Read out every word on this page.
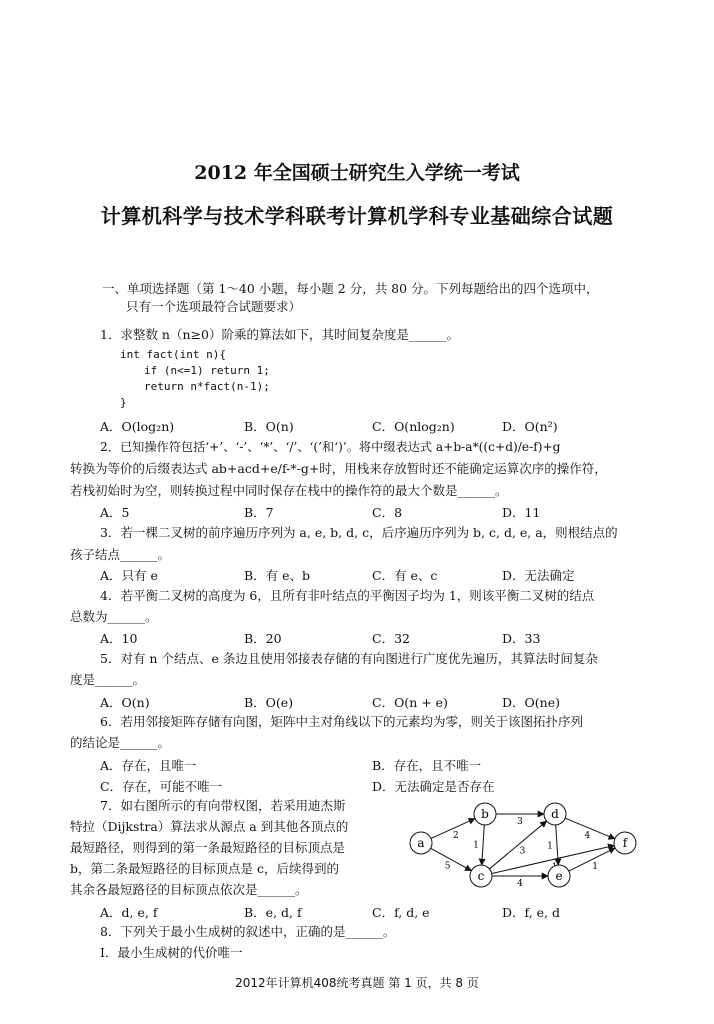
2012 年全国硕士研究生入学统一考试
计算机科学与技术学科联考计算机学科专业基础综合试题
一、单项选择题（第 1～40 小题，每小题 2 分，共 80 分。下列每题给出的四个选项中，
只有一个选项最符合试题要求）
1．求整数 n（n≥0）阶乘的算法如下，其时间复杂度是______。
int fact(int n){
if (n<=1) return 1;
return n*fact(n-1);
}
A．O(log₂n)	B．O(n)	C．O(nlog₂n)	D．O(n²)
2．已知操作符包括‘+’、‘-’、‘*’、‘/’、‘(’和‘)’。将中缀表达式 a+b-a*((c+d)/e-f)+g
转换为等价的后缀表达式 ab+acd+e/f-*-g+时，用栈来存放暂时还不能确定运算次序的操作符，
若栈初始时为空，则转换过程中同时保存在栈中的操作符的最大个数是______。
A．5	B．7	C．8	D．11
3．若一棵二叉树的前序遍历序列为 a, e, b, d, c，后序遍历序列为 b, c, d, e, a，则根结点的
孩子结点______。
A．只有 e	B．有 e、b	C．有 e、c	D．无法确定
4．若平衡二叉树的高度为 6，且所有非叶结点的平衡因子均为 1，则该平衡二叉树的结点
总数为______。
A．10	B．20	C．32	D．33
5．对有 n 个结点、e 条边且使用邻接表存储的有向图进行广度优先遍历，其算法时间复杂
度是______。
A．O(n)	B．O(e)	C．O(n + e)	D．O(ne)
6．若用邻接矩阵存储有向图，矩阵中主对角线以下的元素均为零，则关于该图拓扑序列
的结论是______。
A．存在，且唯一	B．存在，且不唯一
C．存在，可能不唯一	D．无法确定是否存在
7．如右图所示的有向带权图，若采用迪杰斯
特拉（Dijkstra）算法求从源点 a 到其他各顶点的
最短路径，则得到的第一条最短路径的目标顶点是
b，第二条最短路径的目标顶点是 c，后续得到的
其余各最短路径的目标顶点依次是______。
A．d, e, f	B．e, d, f	C．f, d, e	D．f, e, d
2
5
3
1
3
4
1
4
1
a
b
c
d
e
f
8．下列关于最小生成树的叙述中，正确的是______。
I．最小生成树的代价唯一
2012年计算机408统考真题 第 1 页，共 8 页
